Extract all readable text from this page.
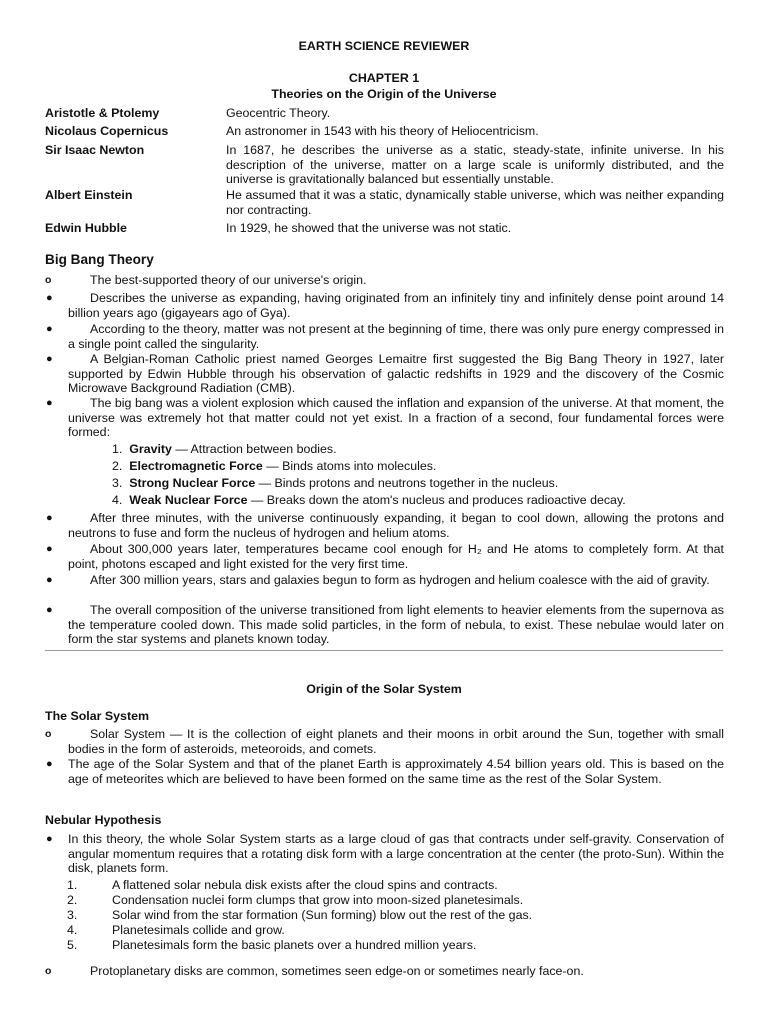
EARTH SCIENCE REVIEWER
CHAPTER 1
Theories on the Origin of the Universe
Aristotle & Ptolemy	Geocentric Theory.
Nicolaus Copernicus	An astronomer in 1543 with his theory of Heliocentricism.
Sir Isaac Newton	In 1687, he describes the universe as a static, steady-state, infinite universe. In his description of the universe, matter on a large scale is uniformly distributed, and the universe is gravitationally balanced but essentially unstable.
Albert Einstein	He assumed that it was a static, dynamically stable universe, which was neither expanding nor contracting.
Edwin Hubble	In 1929, he showed that the universe was not static.
Big Bang Theory
o	The best-supported theory of our universe's origin.
●	Describes the universe as expanding, having originated from an infinitely tiny and infinitely dense point around 14 billion years ago (gigayears ago of Gya).
●	According to the theory, matter was not present at the beginning of time, there was only pure energy compressed in a single point called the singularity.
●	A Belgian-Roman Catholic priest named Georges Lemaitre first suggested the Big Bang Theory in 1927, later supported by Edwin Hubble through his observation of galactic redshifts in 1929 and the discovery of the Cosmic Microwave Background Radiation (CMB).
●	The big bang was a violent explosion which caused the inflation and expansion of the universe. At that moment, the universe was extremely hot that matter could not yet exist. In a fraction of a second, four fundamental forces were formed:
1. Gravity — Attraction between bodies.
2. Electromagnetic Force — Binds atoms into molecules.
3. Strong Nuclear Force — Binds protons and neutrons together in the nucleus.
4. Weak Nuclear Force — Breaks down the atom's nucleus and produces radioactive decay.
●	After three minutes, with the universe continuously expanding, it began to cool down, allowing the protons and neutrons to fuse and form the nucleus of hydrogen and helium atoms.
●	About 300,000 years later, temperatures became cool enough for H₂ and He atoms to completely form. At that point, photons escaped and light existed for the very first time.
●	After 300 million years, stars and galaxies begun to form as hydrogen and helium coalesce with the aid of gravity.
●	The overall composition of the universe transitioned from light elements to heavier elements from the supernova as the temperature cooled down. This made solid particles, in the form of nebula, to exist. These nebulae would later on form the star systems and planets known today.
Origin of the Solar System
The Solar System
o	Solar System — It is the collection of eight planets and their moons in orbit around the Sun, together with small bodies in the form of asteroids, meteoroids, and comets.
● The age of the Solar System and that of the planet Earth is approximately 4.54 billion years old. This is based on the age of meteorites which are believed to have been formed on the same time as the rest of the Solar System.
Nebular Hypothesis
● In this theory, the whole Solar System starts as a large cloud of gas that contracts under self-gravity. Conservation of angular momentum requires that a rotating disk form with a large concentration at the center (the proto-Sun). Within the disk, planets form.
1.	A flattened solar nebula disk exists after the cloud spins and contracts.
2.	Condensation nuclei form clumps that grow into moon-sized planetesimals.
3.	Solar wind from the star formation (Sun forming) blow out the rest of the gas.
4.	Planetesimals collide and grow.
5.	Planetesimals form the basic planets over a hundred million years.
o	Protoplanetary disks are common, sometimes seen edge-on or sometimes nearly face-on.
